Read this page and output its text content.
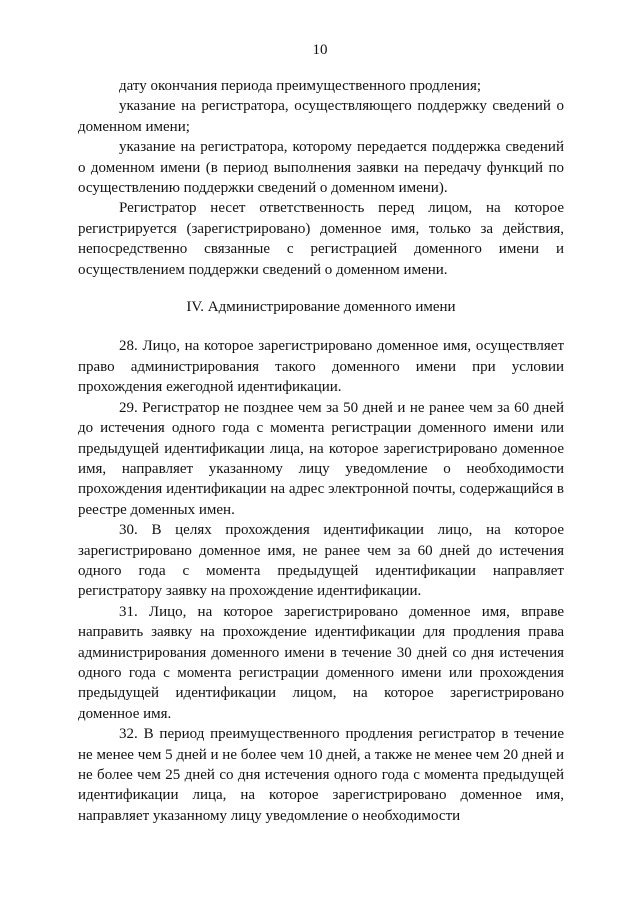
10

дату окончания периода преимущественного продления;

указание на регистратора, осуществляющего поддержку сведений о доменном имени;

указание на регистратора, которому передается поддержка сведений о доменном имени (в период выполнения заявки на передачу функций по осуществлению поддержки сведений о доменном имени).

Регистратор несет ответственность перед лицом, на которое регистрируется (зарегистрировано) доменное имя, только за действия, непосредственно связанные с регистрацией доменного имени и осуществлением поддержки сведений о доменном имени.

IV. Администрирование доменного имени

28. Лицо, на которое зарегистрировано доменное имя, осуществляет право администрирования такого доменного имени при условии прохождения ежегодной идентификации.

29. Регистратор не позднее чем за 50 дней и не ранее чем за 60 дней до истечения одного года с момента регистрации доменного имени или предыдущей идентификации лица, на которое зарегистрировано доменное имя, направляет указанному лицу уведомление о необходимости прохождения идентификации на адрес электронной почты, содержащийся в реестре доменных имен.

30. В целях прохождения идентификации лицо, на которое зарегистрировано доменное имя, не ранее чем за 60 дней до истечения одного года с момента предыдущей идентификации направляет регистратору заявку на прохождение идентификации.

31. Лицо, на которое зарегистрировано доменное имя, вправе направить заявку на прохождение идентификации для продления права администрирования доменного имени в течение 30 дней со дня истечения одного года с момента регистрации доменного имени или прохождения предыдущей идентификации лицом, на которое зарегистрировано доменное имя.

32. В период преимущественного продления регистратор в течение не менее чем 5 дней и не более чем 10 дней, а также не менее чем 20 дней и не более чем 25 дней со дня истечения одного года с момента предыдущей идентификации лица, на которое зарегистрировано доменное имя, направляет указанному лицу уведомление о необходимости
